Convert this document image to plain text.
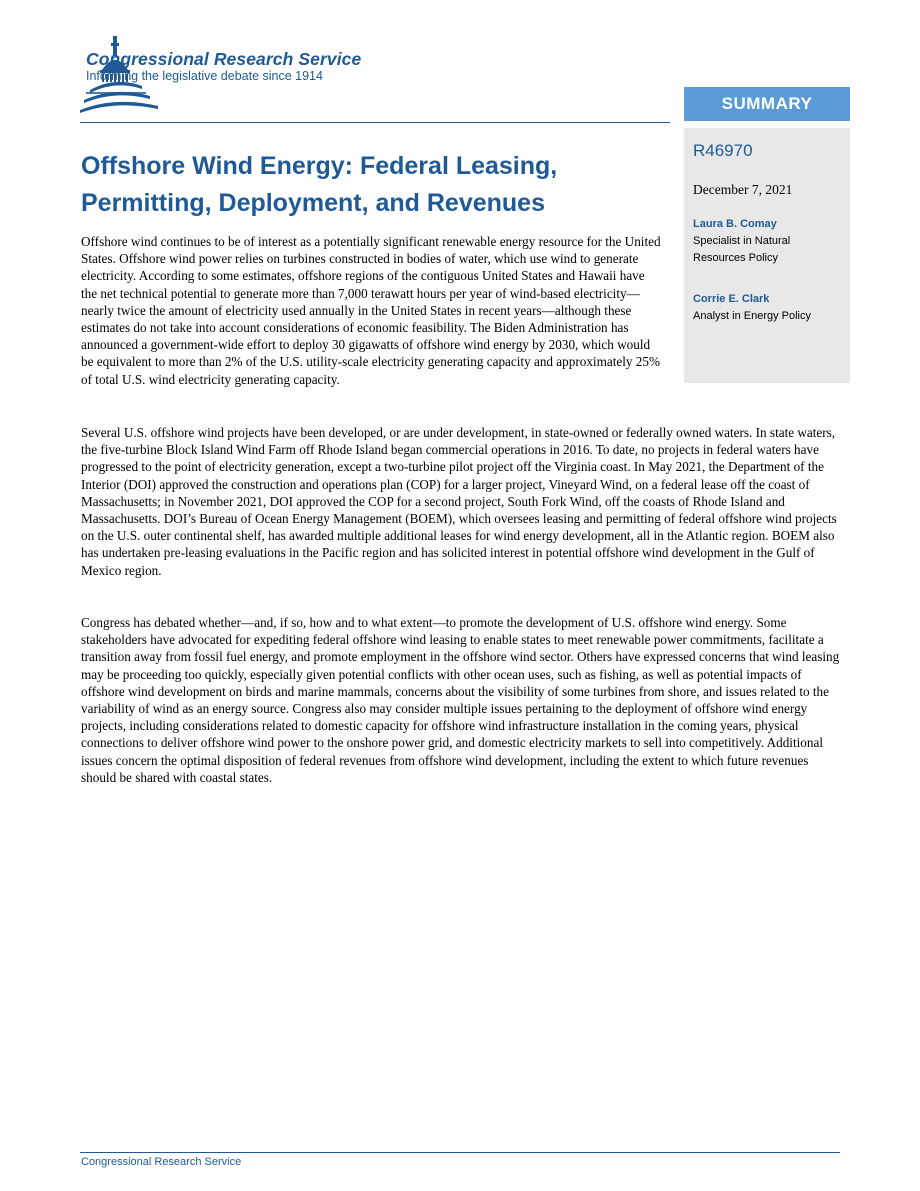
Congressional Research Service
Informing the legislative debate since 1914
SUMMARY
R46970
December 7, 2021
Laura B. Comay
Specialist in Natural Resources Policy
Corrie E. Clark
Analyst in Energy Policy
Offshore Wind Energy: Federal Leasing, Permitting, Deployment, and Revenues

Offshore wind continues to be of interest as a potentially significant renewable energy resource for the United States. Offshore wind power relies on turbines constructed in bodies of water, which use wind to generate electricity. According to some estimates, offshore regions of the contiguous United States and Hawaii have the net technical potential to generate more than 7,000 terawatt hours per year of wind-based electricity—nearly twice the amount of electricity used annually in the United States in recent years—although these estimates do not take into account considerations of economic feasibility. The Biden Administration has announced a government-wide effort to deploy 30 gigawatts of offshore wind energy by 2030, which would be equivalent to more than 2% of the U.S. utility-scale electricity generating capacity and approximately 25% of total U.S. wind electricity generating capacity.

Several U.S. offshore wind projects have been developed, or are under development, in state-owned or federally owned waters. In state waters, the five-turbine Block Island Wind Farm off Rhode Island began commercial operations in 2016. To date, no projects in federal waters have progressed to the point of electricity generation, except a two-turbine pilot project off the Virginia coast. In May 2021, the Department of the Interior (DOI) approved the construction and operations plan (COP) for a larger project, Vineyard Wind, on a federal lease off the coast of Massachusetts; in November 2021, DOI approved the COP for a second project, South Fork Wind, off the coasts of Rhode Island and Massachusetts. DOI’s Bureau of Ocean Energy Management (BOEM), which oversees leasing and permitting of federal offshore wind projects on the U.S. outer continental shelf, has awarded multiple additional leases for wind energy development, all in the Atlantic region. BOEM also has undertaken pre-leasing evaluations in the Pacific region and has solicited interest in potential offshore wind development in the Gulf of Mexico region.

Congress has debated whether—and, if so, how and to what extent—to promote the development of U.S. offshore wind energy. Some stakeholders have advocated for expediting federal offshore wind leasing to enable states to meet renewable power commitments, facilitate a transition away from fossil fuel energy, and promote employment in the offshore wind sector. Others have expressed concerns that wind leasing may be proceeding too quickly, especially given potential conflicts with other ocean uses, such as fishing, as well as potential impacts of offshore wind development on birds and marine mammals, concerns about the visibility of some turbines from shore, and issues related to the variability of wind as an energy source. Congress also may consider multiple issues pertaining to the deployment of offshore wind energy projects, including considerations related to domestic capacity for offshore wind infrastructure installation in the coming years, physical connections to deliver offshore wind power to the onshore power grid, and domestic electricity markets to sell into competitively. Additional issues concern the optimal disposition of federal revenues from offshore wind development, including the extent to which future revenues should be shared with coastal states.

Congressional Research Service
